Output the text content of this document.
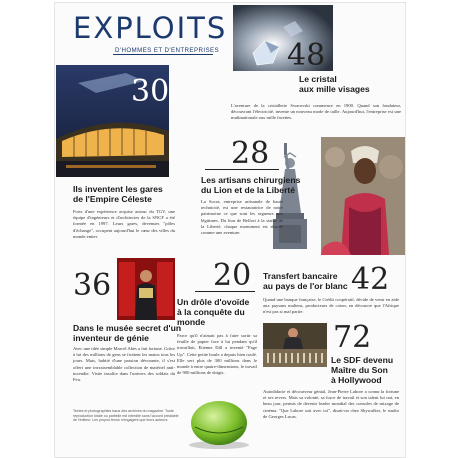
EXPLOITS
D'HOMMES ET D'ENTREPRISES 48
Le cristal
aux mille visages
L'aventure de la cristallerie Swarovski commence en 1900. Quand son fondateur, découvrant l'électricité, invente un nouveau mode de taille. Aujourd'hui, l'entreprise est une multinationale aux mille facettes.
30
Ils inventent les gares
de l'Empire Céleste
Forts d'une expérience acquise autour du TGV, une équipe d'ingénieurs et d'architectes de la SNCF a été formée en 1997. Leurs gares, devenues "pôles d'échange", occupent aujourd'hui le cœur des villes du monde entier.
28
Les artisans chirurgiens
du Lion et de la Liberté
La Socra, entreprise artisanale de haute technicité, est une restauratrice de notre patrimoine ce que sont les orgueurs aux légitimes. Du lion de Belfort à la statue de la Liberté, chaque monument est abordé comme une aventure.
36
Dans le musée secret d'un
inventeur de génie
Avec une idée simple Marcel Abès a fait fortune. Grâce à lui des millions de gens se frottent les mains tous les jours. Mais, habité d'une passion dévorante, il s'est offert une invraisemblable collection de matériel anti-incendie. Visite insolite dans l'univers des soldats du Feu.
20
Un drôle d'ovoïde
à la conquête du
monde
Parce qu'il n'aimait pas à faire sortir sa feuille de papier face à lui pendant qu'il travaillait, Etienne Dill a inventé "Page Up". Cette petite boule a depuis bien roulé. Elle sert plus de 300 millions dans le monde à entre quatre-dimensions, le travail de 900 millions de doigts.
Transfert bancaire
au pays de l'or blanc 42
Quand une banque française, le Crédit coopératif, décide de venir en aide aux paysans maliens, producteurs de coton, en découvre que l'Afrique n'est pas si mal partie.
72
Le SDF devenu
Maître du Son
à Hollywood
Autodidacte et découvreur génial, Jean-Pierre Lahore a connu la fortune et ses revers. Mais sa volonté, sa force de travail et son talent lui ont, en beau jour, permis de devenir leader mondial des consoles de mixage de cinéma. "Que Lahore soit avec toi", disait-on chez Skywalker, le studio de Georges Lucas.
Textes et photographies issus des archives du magazine. Toute reproduction totale ou partielle est interdite sans l'accord préalable de l'éditeur. Les propos tenus n'engagent que leurs auteurs.
